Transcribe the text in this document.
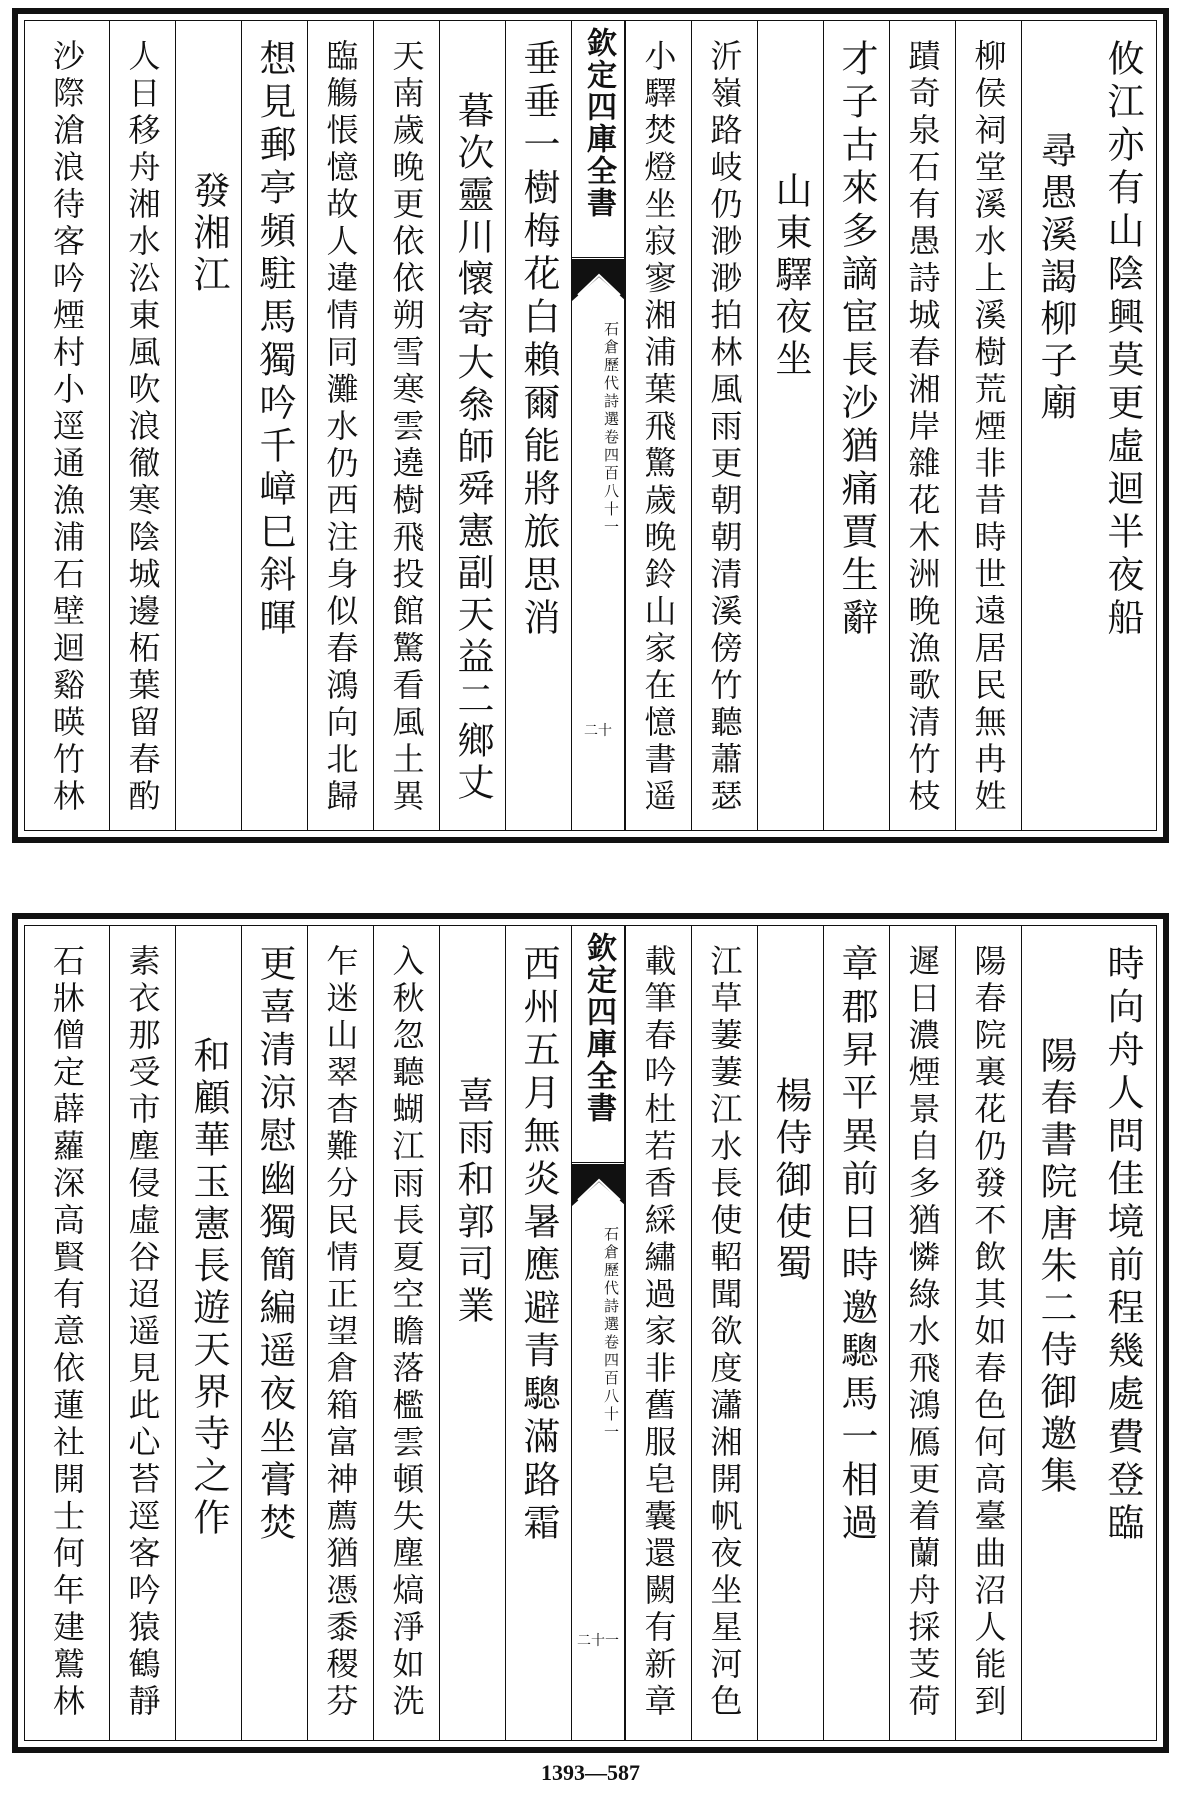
攸江亦有山陰興莫更虛迴半夜船
尋愚溪謁柳子廟
柳侯祠堂溪水上溪樹荒煙非昔時世遠居民無冉姓
蹟奇泉石有愚詩城春湘岸雜花木洲晚漁歌清竹枝
才子古來多謫宦長沙猶痛賈生辭
山東驛夜坐
沂嶺路岐仍渺渺拍林風雨更朝朝清溪傍竹聽蕭瑟
小驛焚燈坐寂寥湘浦葉飛驚歲晚鈴山家在憶書遥
欽定四庫全書
石倉歷代詩選
卷四百八十一
二十
垂垂一樹梅花白賴爾能將旅思消
暮次靈川懷寄大叅師舜憲副天益二鄉丈
天南歲晚更依依朔雪寒雲遶樹飛投館驚看風土異
臨觴悵憶故人違情同灘水仍西注身似春鴻向北歸
想見郵亭頻駐馬獨吟千嶂巳斜暉
發湘江
人日移舟湘水㳂東風吹浪徹寒陰城邊柘葉留春酌
沙際滄浪待客吟煙村小逕通漁浦石壁迴谿暎竹林
時向舟人問佳境前程幾處費登臨
陽春書院唐朱二侍御邀集
陽春院裏花仍發不飲其如春色何高臺曲沼人能到
遲日濃煙景自多猶憐綠水飛鴻鴈更着蘭舟採芰荷
章郡昇平異前日時邀驄馬一相過
楊侍御使蜀
江草萋萋江水長使軺聞欲度瀟湘開帆夜坐星河色
載筆春吟杜若香綵繡過家非舊服皂囊還闕有新章
欽定四庫全書
石倉歷代詩選
卷四百八十一
二十一
西州五月無炎暑應避青驄滿路霜
喜雨和郭司業
入秋忽聽蝴江雨長夏空瞻落檻雲頓失塵熇淨如洗
乍迷山翠杳難分民情正望倉箱富神薦猶憑黍稷芬
更喜清涼慰幽獨簡編遥夜坐膏焚
和顧華玉憲長遊天界寺之作
素衣那受市塵侵虛谷迢遥見此心苔逕客吟猿鶴靜
石牀僧定薜蘿深高賢有意依蓮社開士何年建鷲林
1393—587
